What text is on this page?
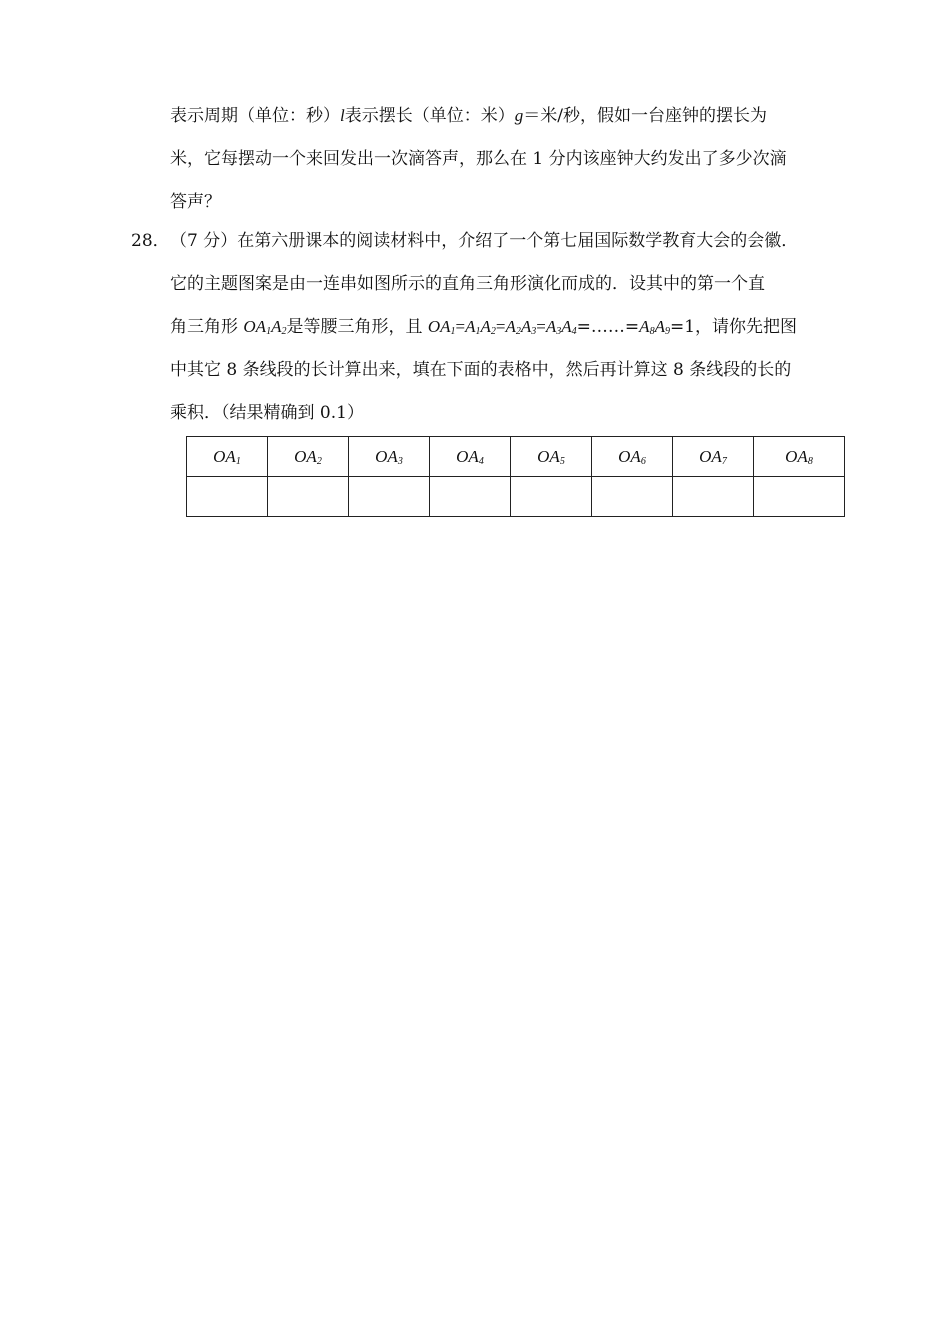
表示周期（单位：秒）l表示摆长（单位：米）g＝米/秒，假如一台座钟的摆长为
米，它每摆动一个来回发出一次滴答声，那么在 1 分内该座钟大约发出了多少次滴
答声？
28． （7 分）在第六册课本的阅读材料中，介绍了一个第七届国际数学教育大会的会徽．
它的主题图案是由一连串如图所示的直角三角形演化而成的．设其中的第一个直
角三角形 $OA_1A_2$是等腰三角形，且 $OA_1=A_1A_2=A_2A_3=A_3A_4=\dots\dots=A_8A_9=1$，请你先把图
中其它 8 条线段的长计算出来，填在下面的表格中，然后再计算这 8 条线段的长的
乘积．（结果精确到 0.1）
$OA_1$	$OA_2$	$OA_3$	$OA_4$	$OA_5$	$OA_6$	$OA_7$	$OA_8$
